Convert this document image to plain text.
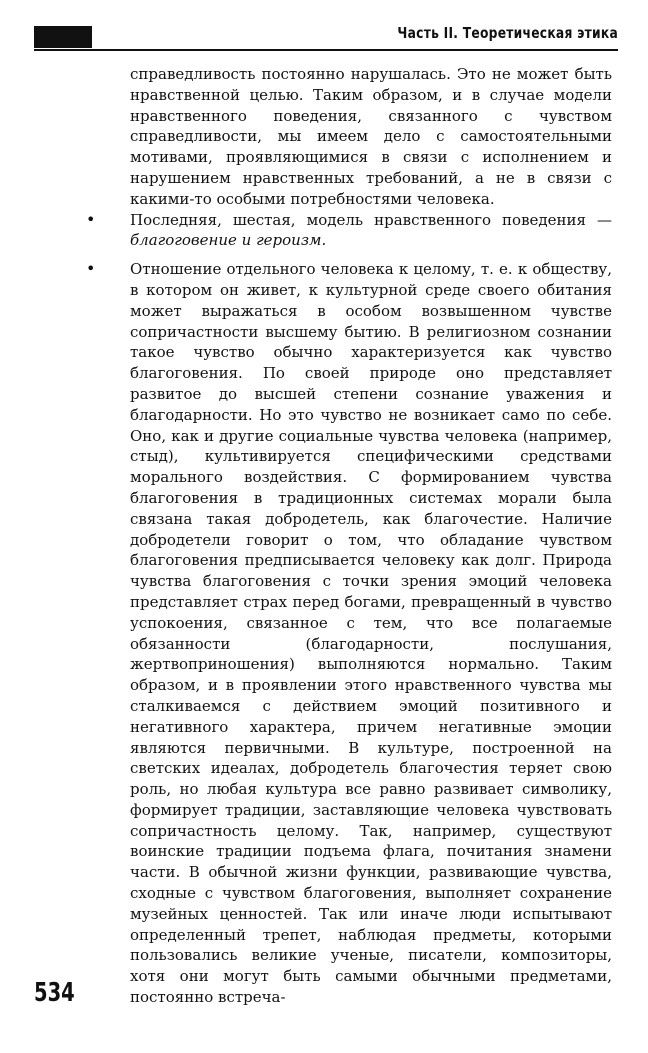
Часть II. Теоретическая этика

справедливость постоянно нарушалась. Это не может быть нравственной целью. Таким образом, и в случае модели нравственного поведения, связанного с чувством справедливости, мы имеем дело с самостоятельными мотивами, проявляющимися в связи с исполнением и нарушением нравственных требований, а не в связи с какими-то особыми потребностями человека.

• Последняя, шестая, модель нравственного поведения — благоговение и героизм.

• Отношение отдельного человека к целому, т. е. к обществу, в котором он живет, к культурной среде своего обитания может выражаться в особом возвышенном чувстве сопричастности высшему бытию. В религиозном сознании такое чувство обычно характеризуется как чувство благоговения. По своей природе оно представляет развитое до высшей степени сознание уважения и благодарности. Но это чувство не возникает само по себе. Оно, как и другие социальные чувства человека (например, стыд), культивируется специфическими средствами морального воздействия. С формированием чувства благоговения в традиционных системах морали была связана такая добродетель, как благочестие. Наличие добродетели говорит о том, что обладание чувством благоговения предписывается человеку как долг. Природа чувства благоговения с точки зрения эмоций человека представляет страх перед богами, превращенный в чувство успокоения, связанное с тем, что все полагаемые обязанности (благодарности, послушания, жертвоприношения) выполняются нормально. Таким образом, и в проявлении этого нравственного чувства мы сталкиваемся с действием эмоций позитивного и негативного характера, причем негативные эмоции являются первичными. В культуре, построенной на светских идеалах, добродетель благочестия теряет свою роль, но любая культура все равно развивает символику, формирует традиции, заставляющие человека чувствовать сопричастность целому. Так, например, существуют воинские традиции подъема флага, почитания знамени части. В обычной жизни функции, развивающие чувства, сходные с чувством благоговения, выполняет сохранение музейных ценностей. Так или иначе люди испытывают определенный трепет, наблюдая предметы, которыми пользовались великие ученые, писатели, композиторы, хотя они могут быть самыми обычными предметами, постоянно встреча-

534
